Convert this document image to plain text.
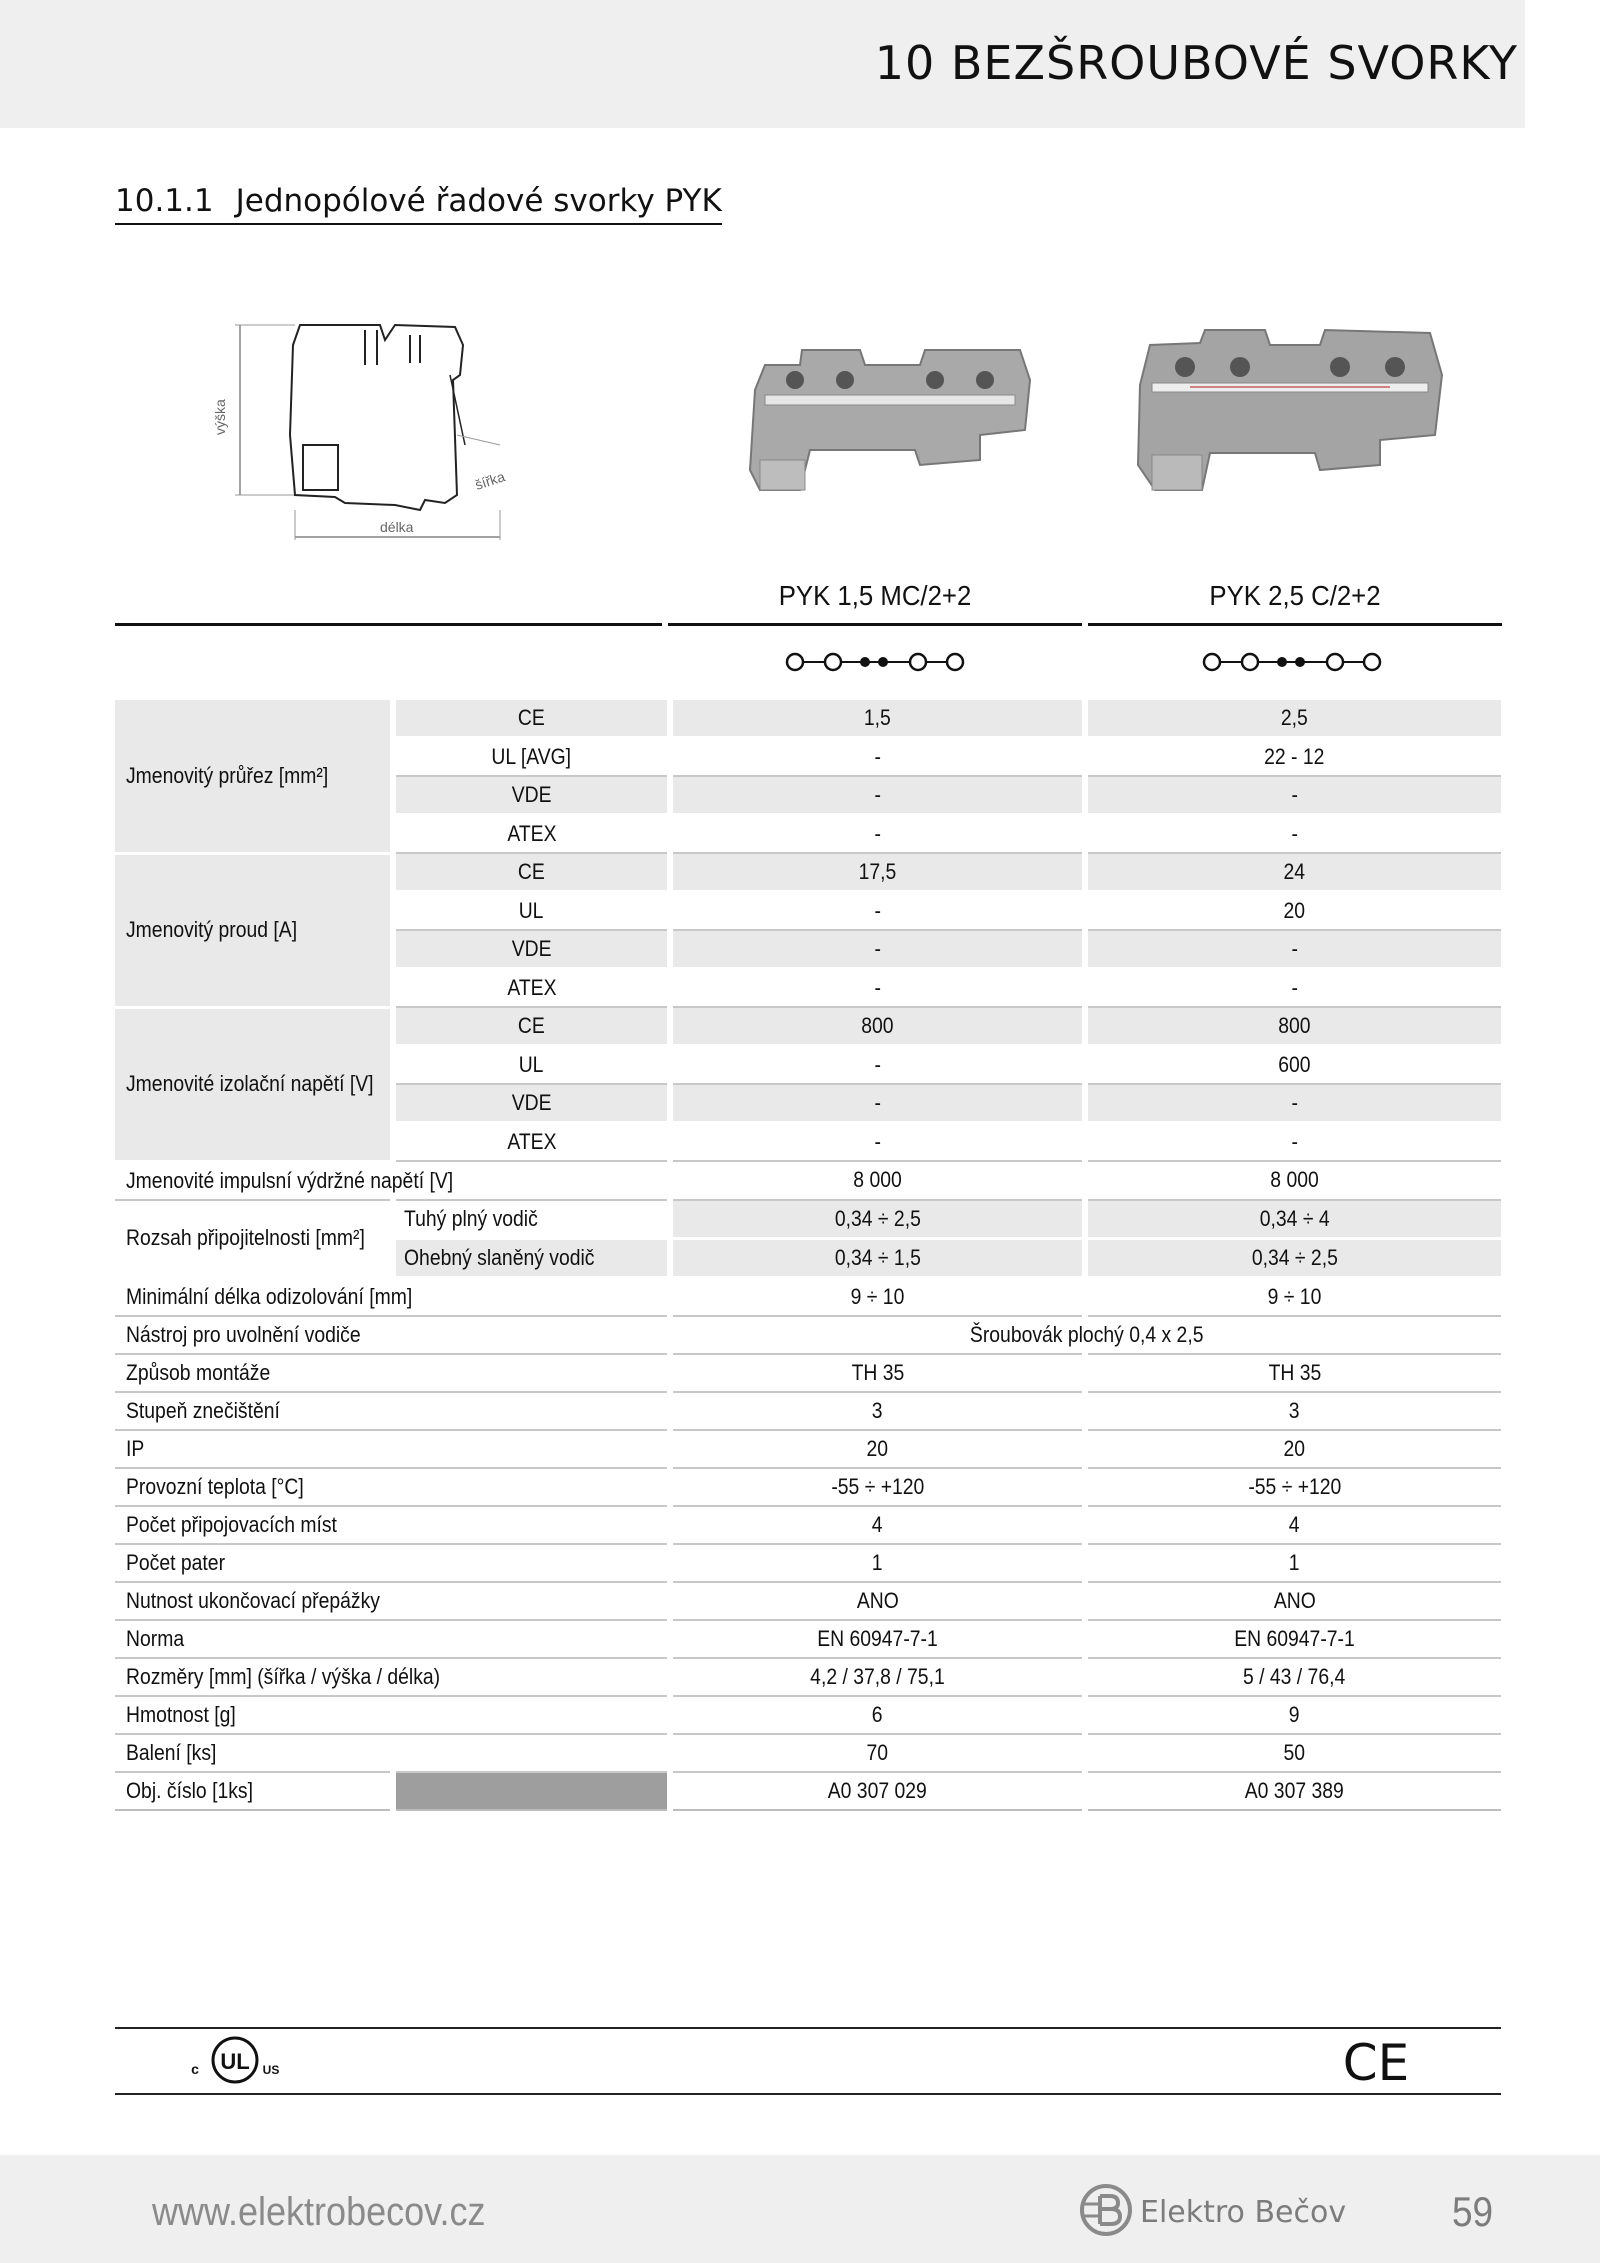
10 BEZŠROUBOVÉ SVORKY
10.1.1 Jednopólové řadové svorky PYK
výška
šířka
délka
PYK 1,5 MC/2+2	PYK 2,5 C/2+2
Jmenovitý průřez [mm²]	CE	1,5	2,5
	UL [AVG]	-	22 - 12
	VDE	-	-
	ATEX	-	-
Jmenovitý proud [A]	CE	17,5	24
	UL	-	20
	VDE	-	-
	ATEX	-	-
Jmenovité izolační napětí [V]	CE	800	800
	UL	-	600
	VDE	-	-
	ATEX	-	-
Jmenovité impulsní výdržné napětí [V]		8 000	8 000
Rozsah připojitelnosti [mm²]	Tuhý plný vodič	0,34 ÷ 2,5	0,34 ÷ 4
	Ohebný slaněný vodič	0,34 ÷ 1,5	0,34 ÷ 2,5
Minimální délka odizolování [mm]		9 ÷ 10	9 ÷ 10
Nástroj pro uvolnění vodiče		Šroubovák plochý 0,4 x 2,5	
Způsob montáže		TH 35	TH 35
Stupeň znečištění		3	3
IP		20	20
Provozní teplota [°C]		-55 ÷ +120	-55 ÷ +120
Počet připojovacích míst		4	4
Počet pater		1	1
Nutnost ukončovací přepážky		ANO	ANO
Norma		EN 60947-7-1	EN 60947-7-1
Rozměry [mm] (šířka / výška / délka)		4,2 / 37,8 / 75,1	5 / 43 / 76,4
Hmotnost [g]		6	9
Balení [ks]		70	50
Obj. číslo [1ks]		A0 307 029	A0 307 389
UL
c	US	CE
www.elektrobecov.cz	Elektro Bečov	59
